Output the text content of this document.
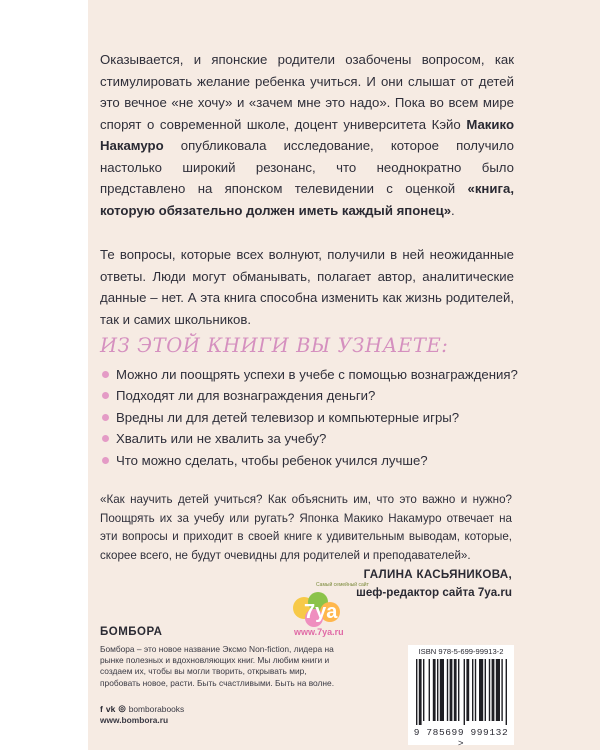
Оказывается, и японские родители озабочены вопросом, как стимулировать желание ребенка учиться. И они слышат от детей это вечное «не хочу» и «зачем мне это надо». Пока во всем мире спорят о современной школе, доцент университета Кэйо Макико Накамуро опубликовала исследование, которое получило настолько широкий резонанс, что неоднократно было представлено на японском телевидении с оценкой «книга, которую обязательно должен иметь каждый японец».

Те вопросы, которые всех волнуют, получили в ней неожиданные ответы. Люди могут обманывать, полагает автор, аналитические данные – нет. А эта книга способна изменить как жизнь родителей, так и самих школьников.

ИЗ ЭТОЙ КНИГИ ВЫ УЗНАЕТЕ:
Можно ли поощрять успехи в учебе с помощью вознаграждения?
Подходят ли для вознаграждения деньги?
Вредны ли для детей телевизор и компьютерные игры?
Хвалить или не хвалить за учебу?
Что можно сделать, чтобы ребенок учился лучше?
«Как научить детей учиться? Как объяснить им, что это важно и нужно? Поощрять их за учебу или ругать? Японка Макико Накамуро отвечает на эти вопросы и приходит в своей книге к удивительным выводам, которые, скорее всего, не будут очевидны для родителей и преподавателей».
Самый семейный сайт
7ya
www.7ya.ru
ГАЛИНА КАСЬЯНИКОВА,
шеф-редактор сайта 7ya.ru
БОМБОРА
Бомбора – это новое название Эксмо Non-fiction, лидера на рынке полезных и вдохновляющих книг. Мы любим книги и создаем их, чтобы вы могли творить, открывать мир, пробовать новое, расти. Быть счастливыми. Быть на волне.
f vk ◎ bomborabooks
www.bombora.ru
ISBN 978-5-699-99913-2
9 785699 999132 >
